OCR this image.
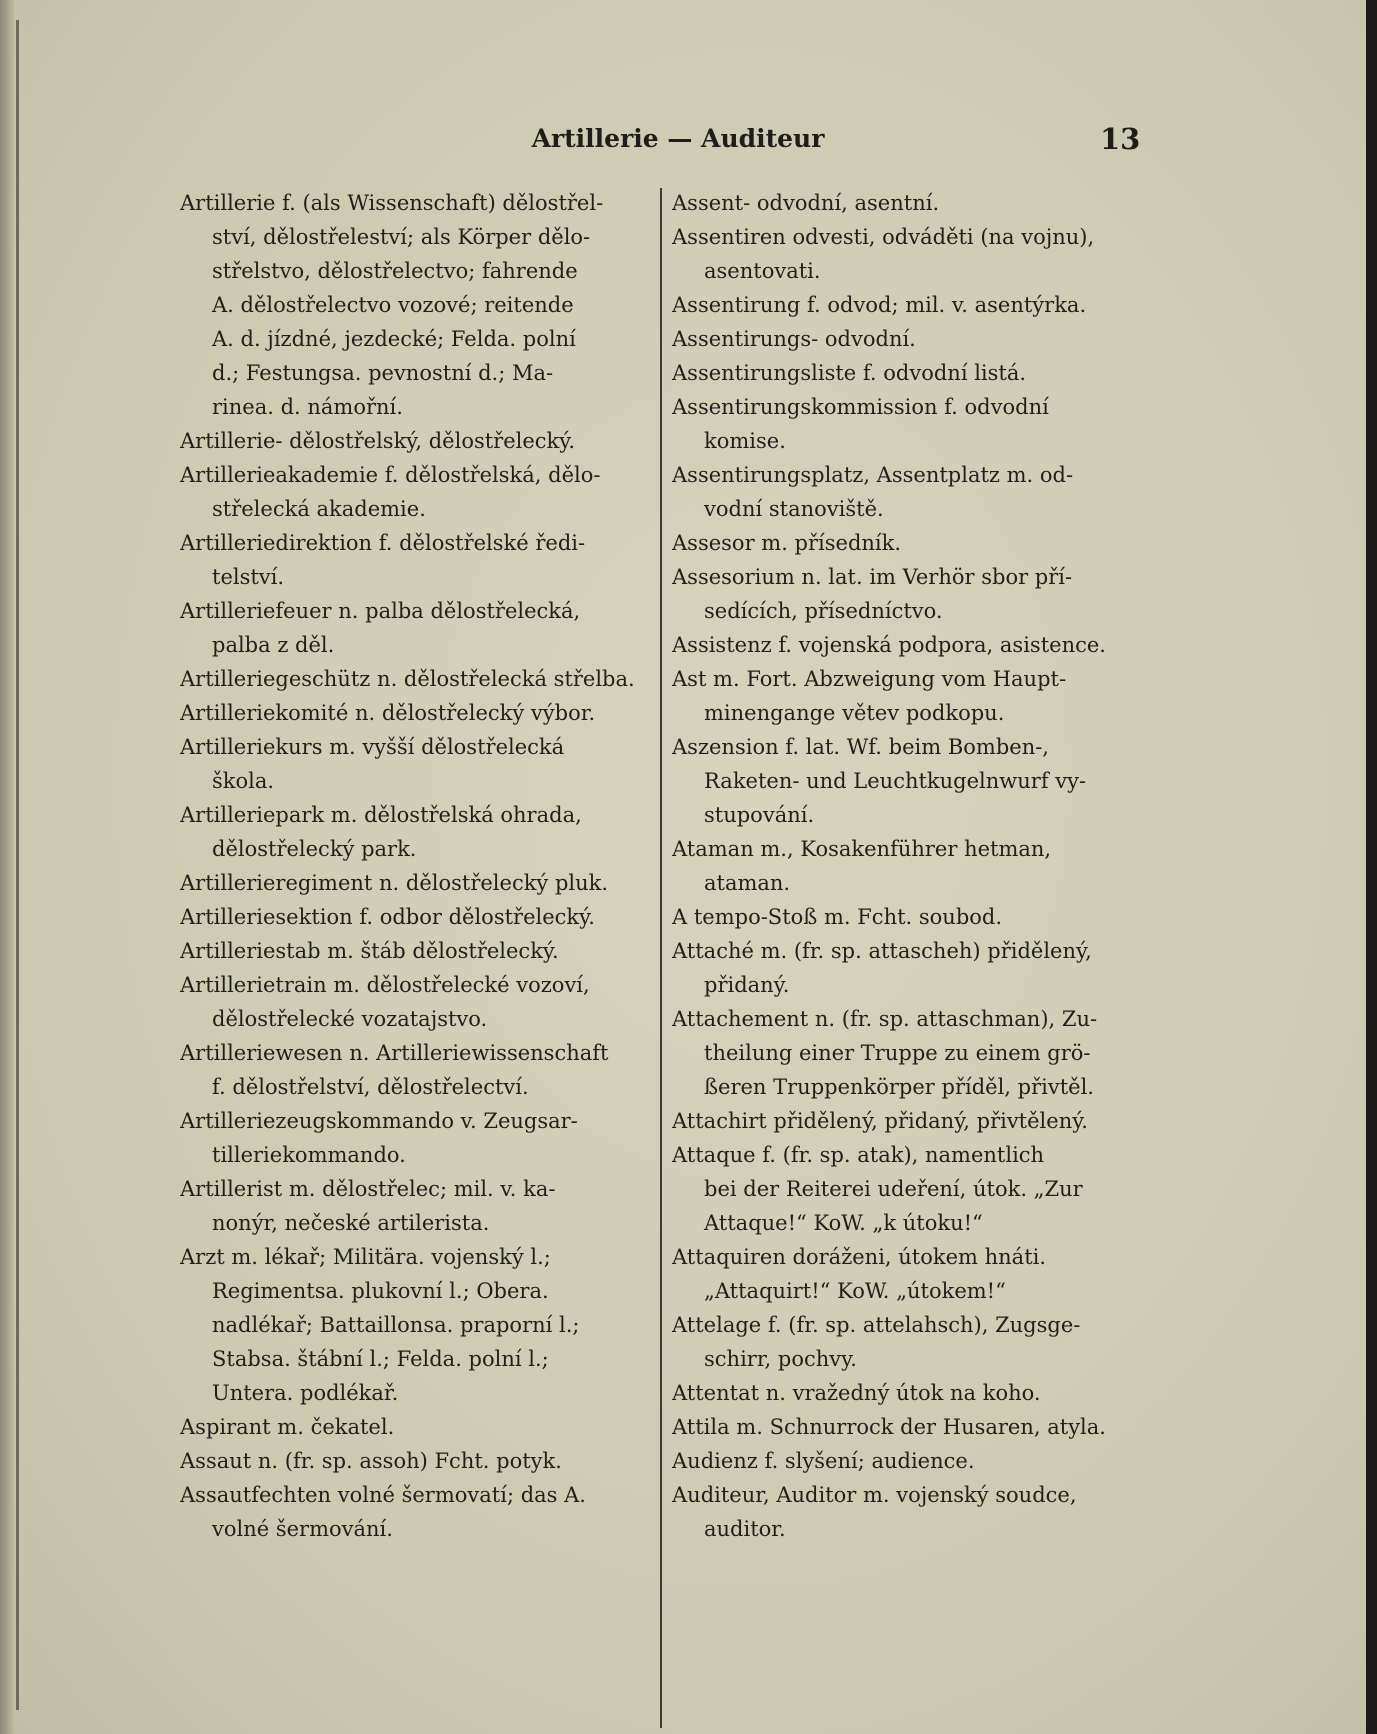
Artillerie — Auditeur	13

Artillerie f. (als Wissenschaft) dělostřel-
ství, dělostřeleství; als Körper dělo-
střelstvo, dělostřelectvo; fahrende
A. dělostřelectvo vozové; reitende
A. d. jízdné, jezdecké; Feldа. polní
d.; Festungsa. pevnostní d.; Ma-
rinea. d. námořní.

Artillerie- dělostřelský, dělostřelecký.

Artillerieakademie f. dělostřelská, dělo-
střelecká akademie.

Artilleriedirektion f. dělostřelské ředi-
telství.

Artilleriefeuer n. palba dělostřelecká,
palba z děl.

Artilleriegeschütz n. dělostřelecká střelba.

Artilleriekomité n. dělostřelecký výbor.

Artilleriekurs m. vyšší dělostřelecká
škola.

Artilleriepark m. dělostřelská ohrada,
dělostřelecký park.

Artillerieregiment n. dělostřelecký pluk.

Artilleriesektion f. odbor dělostřelecký.

Artilleriestab m. štáb dělostřelecký.

Artillerietrain m. dělostřelecké vozoví,
dělostřelecké vozatajstvo.

Artilleriewesen n. Artilleriewissenschaft
f. dělostřelství, dělostřelectví.

Artilleriezeugskommando v. Zeugsar-
tilleriekommando.

Artillerist m. dělostřelec; mil. v. ka-
nonýr, nečeské artilerista.

Arzt m. lékař; Militära. vojenský l.;
Regimentsa. plukovní l.; Obera.
nadlékař; Battaillonsa. praporní l.;
Stabsa. štábní l.; Feldа. polní l.;
Untera. podlékař.

Aspirant m. čekatel.

Assaut n. (fr. sp. assoh) Fcht. potyk.

Assautfechten volné šermovatí; das A.
volné šermování.

Assent- odvodní, asentní.

Assentiren odvesti, odváděti (na vojnu),
asentovati.

Assentirung f. odvod; mil. v. asentýrka.

Assentirungs- odvodní.

Assentirungsliste f. odvodní listá.

Assentirungskommission f. odvodní
komise.

Assentirungsplatz, Assentplatz m. od-
vodní stanoviště.

Assesor m. přísedník.

Assesorium n. lat. im Verhör sbor pří-
sedících, přísedníctvo.

Assistenz f. vojenská podpora, asistence.

Ast m. Fort. Abzweigung vom Haupt-
minengange větev podkopu.

Aszension f. lat. Wf. beim Bomben-,
Raketen- und Leuchtkugelnwurf vy-
stupování.

Ataman m., Kosakenführer hetman,
ataman.

A tempo-Stoß m. Fcht. soubod.

Attaché m. (fr. sp. attascheh) přidělený,
přidaný.

Attachement n. (fr. sp. attaschman), Zu-
theilung einer Truppe zu einem grö-
ßeren Truppenkörper příděl, přivtěl.

Attachirt přidělený, přidaný, přivtělený.

Attaque f. (fr. sp. atak), namentlich
bei der Reiterei udeření, útok. „Zur
Attaque!“ KoW. „k útoku!“

Attaquiren doráženi, útokem hnáti.
„Attaquirt!“ KoW. „útokem!“

Attelage f. (fr. sp. attelahsch), Zugsge-
schirr, pochvy.

Attentat n. vražedný útok na koho.

Attila m. Schnurrock der Husaren, atyla.

Audienz f. slyšení; audience.

Auditeur, Auditor m. vojenský soudce,
auditor.
